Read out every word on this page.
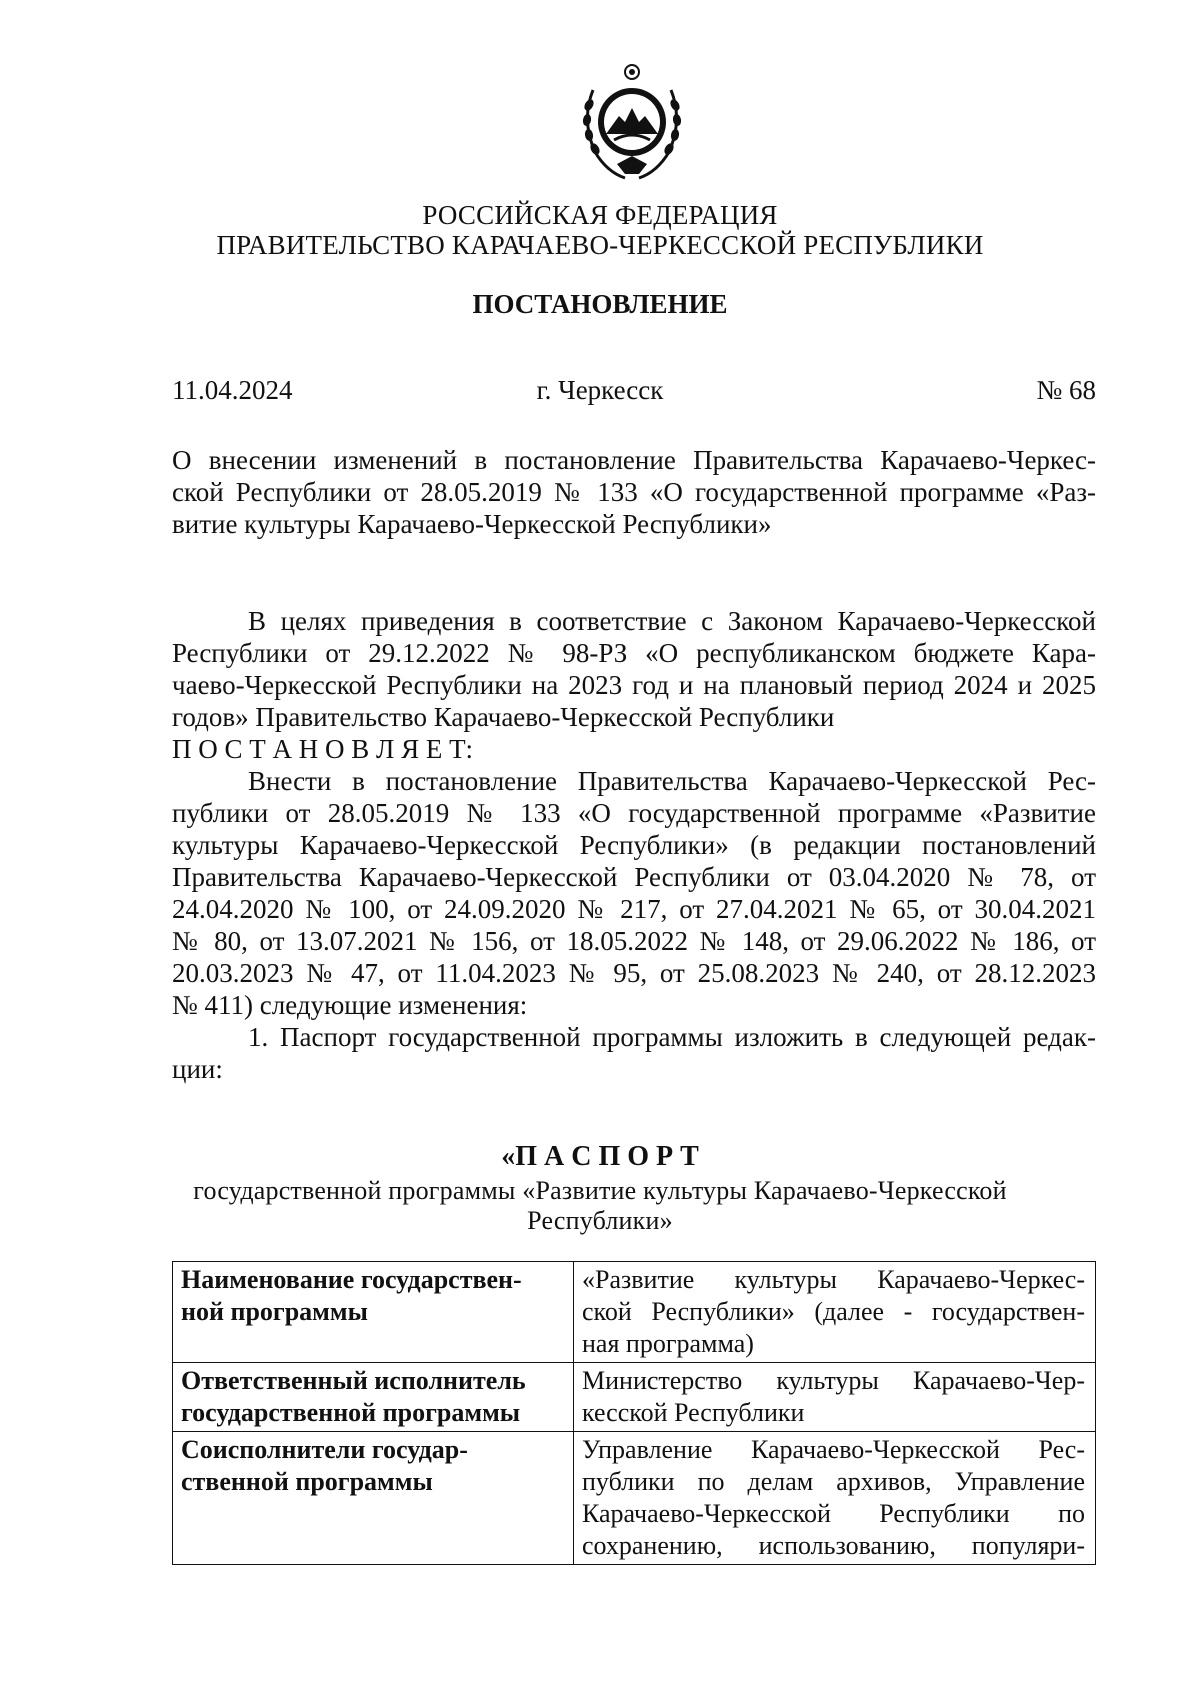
РОССИЙСКАЯ ФЕДЕРАЦИЯ
ПРАВИТЕЛЬСТВО КАРАЧАЕВО-ЧЕРКЕССКОЙ РЕСПУБЛИКИ
ПОСТАНОВЛЕНИЕ
11.04.2024	г. Черкесск	№ 68
О внесении изменений в постановление Правительства Карачаево-Черкес-
ской Республики от 28.05.2019 № 133 «О государственной программе «Раз-
витие культуры Карачаево-Черкесской Республики»
В целях приведения в соответствие с Законом Карачаево-Черкесской
Республики от 29.12.2022 № 98-РЗ «О республиканском бюджете Кара-
чаево-Черкесской Республики на 2023 год и на плановый период 2024 и 2025
годов» Правительство Карачаево-Черкесской Республики
П О С Т А Н О В Л Я Е Т:
Внести в постановление Правительства Карачаево-Черкесской Рес-
публики от 28.05.2019 № 133 «О государственной программе «Развитие
культуры Карачаево-Черкесской Республики» (в редакции постановлений
Правительства Карачаево-Черкесской Республики от 03.04.2020 № 78, от
24.04.2020 № 100, от 24.09.2020 № 217, от 27.04.2021 № 65, от 30.04.2021
№ 80, от 13.07.2021 № 156, от 18.05.2022 № 148, от 29.06.2022 № 186, от
20.03.2023 № 47, от 11.04.2023 № 95, от 25.08.2023 № 240, от 28.12.2023
№ 411) следующие изменения:
1. Паспорт государственной программы изложить в следующей редак-
ции:
«П А С П О Р Т
государственной программы «Развитие культуры Карачаево-Черкесской
Республики»
Наименование государствен-
ной программы	«Развитие культуры Карачаево-Черкес-
ской Республики» (далее - государствен-
ная программа)

Ответственный исполнитель
государственной программы	Министерство культуры Карачаево-Чер-
кесской Республики

Соисполнители государ-
ственной программы	Управление Карачаево-Черкесской Рес-
публики по делам архивов, Управление
Карачаево-Черкесской Республики по
сохранению, использованию, популяри-
